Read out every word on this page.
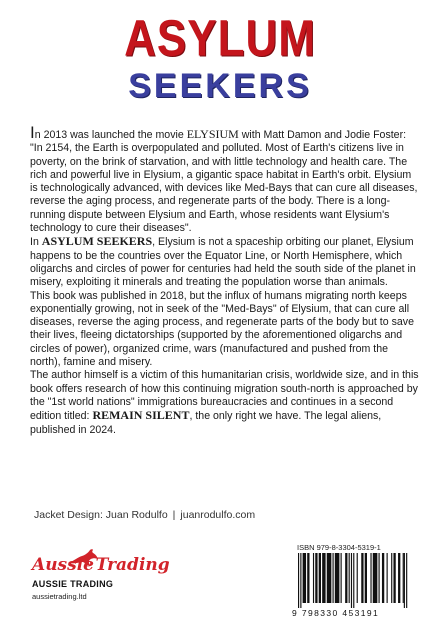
ASYLUM
SEEKERS

In 2013 was launched the movie ELYSIUM with Matt Damon and Jodie Foster: "In 2154, the Earth is overpopulated and polluted. Most of Earth's citizens live in poverty, on the brink of starvation, and with little technology and health care. The rich and powerful live in Elysium, a gigantic space habitat in Earth's orbit. Elysium is technologically advanced, with devices like Med-Bays that can cure all diseases, reverse the aging process, and regenerate parts of the body. There is a long-running dispute between Elysium and Earth, whose residents want Elysium's technology to cure their diseases".

In ASYLUM SEEKERS, Elysium is not a spaceship orbiting our planet, Elysium happens to be the countries over the Equator Line, or North Hemisphere, which oligarchs and circles of power for centuries had held the south side of the planet in misery, exploiting it minerals and treating the population worse than animals.

This book was published in 2018, but the influx of humans migrating north keeps exponentially growing, not in seek of the "Med-Bays" of Elysium, that can cure all diseases, reverse the aging process, and regenerate parts of the body but to save their lives, fleeing dictatorships (supported by the aforementioned oligarchs and circles of power), organized crime, wars (manufactured and pushed from the north), famine and misery.

The author himself is a victim of this humanitarian crisis, worldwide size, and in this book offers research of how this continuing migration south-north is approached by the "1st world nations" immigrations bureaucracies and continues in a second edition titled: REMAIN SILENT, the only right we have. The legal aliens, published in 2024.

Jacket Design: Juan Rodulfo | juanrodulfo.com
Aussie  Trading
AUSSIE TRADING
aussietrading.ltd
ISBN 979-8-3304-5319-1
9 798330 453191
